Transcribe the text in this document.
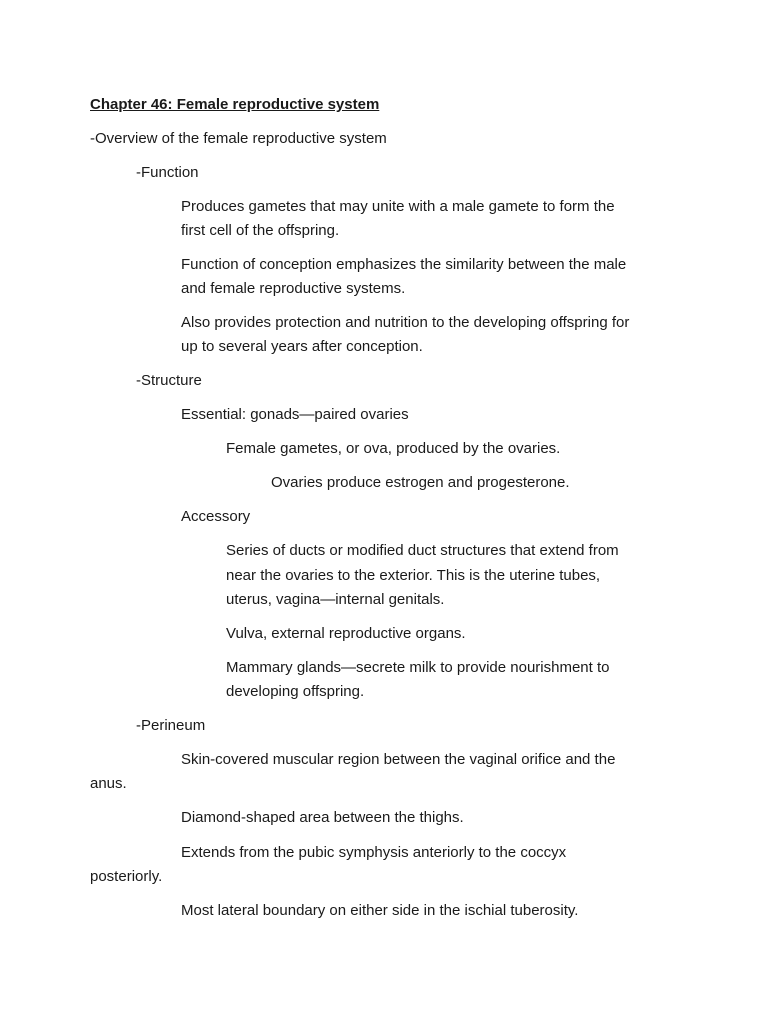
Chapter 46: Female reproductive system
-Overview of the female reproductive system
-Function
Produces gametes that may unite with a male gamete to form the
first cell of the offspring.
Function of conception emphasizes the similarity between the male
and female reproductive systems.
Also provides protection and nutrition to the developing offspring for
up to several years after conception.
-Structure
Essential: gonads—paired ovaries
Female gametes, or ova, produced by the ovaries.
Ovaries produce estrogen and progesterone.
Accessory
Series of ducts or modified duct structures that extend from
near the ovaries to the exterior. This is the uterine tubes,
uterus, vagina—internal genitals.
Vulva, external reproductive organs.
Mammary glands—secrete milk to provide nourishment to
developing offspring.
-Perineum
Skin-covered muscular region between the vaginal orifice and the
anus.
Diamond-shaped area between the thighs.
Extends from the pubic symphysis anteriorly to the coccyx
posteriorly.
Most lateral boundary on either side in the ischial tuberosity.
